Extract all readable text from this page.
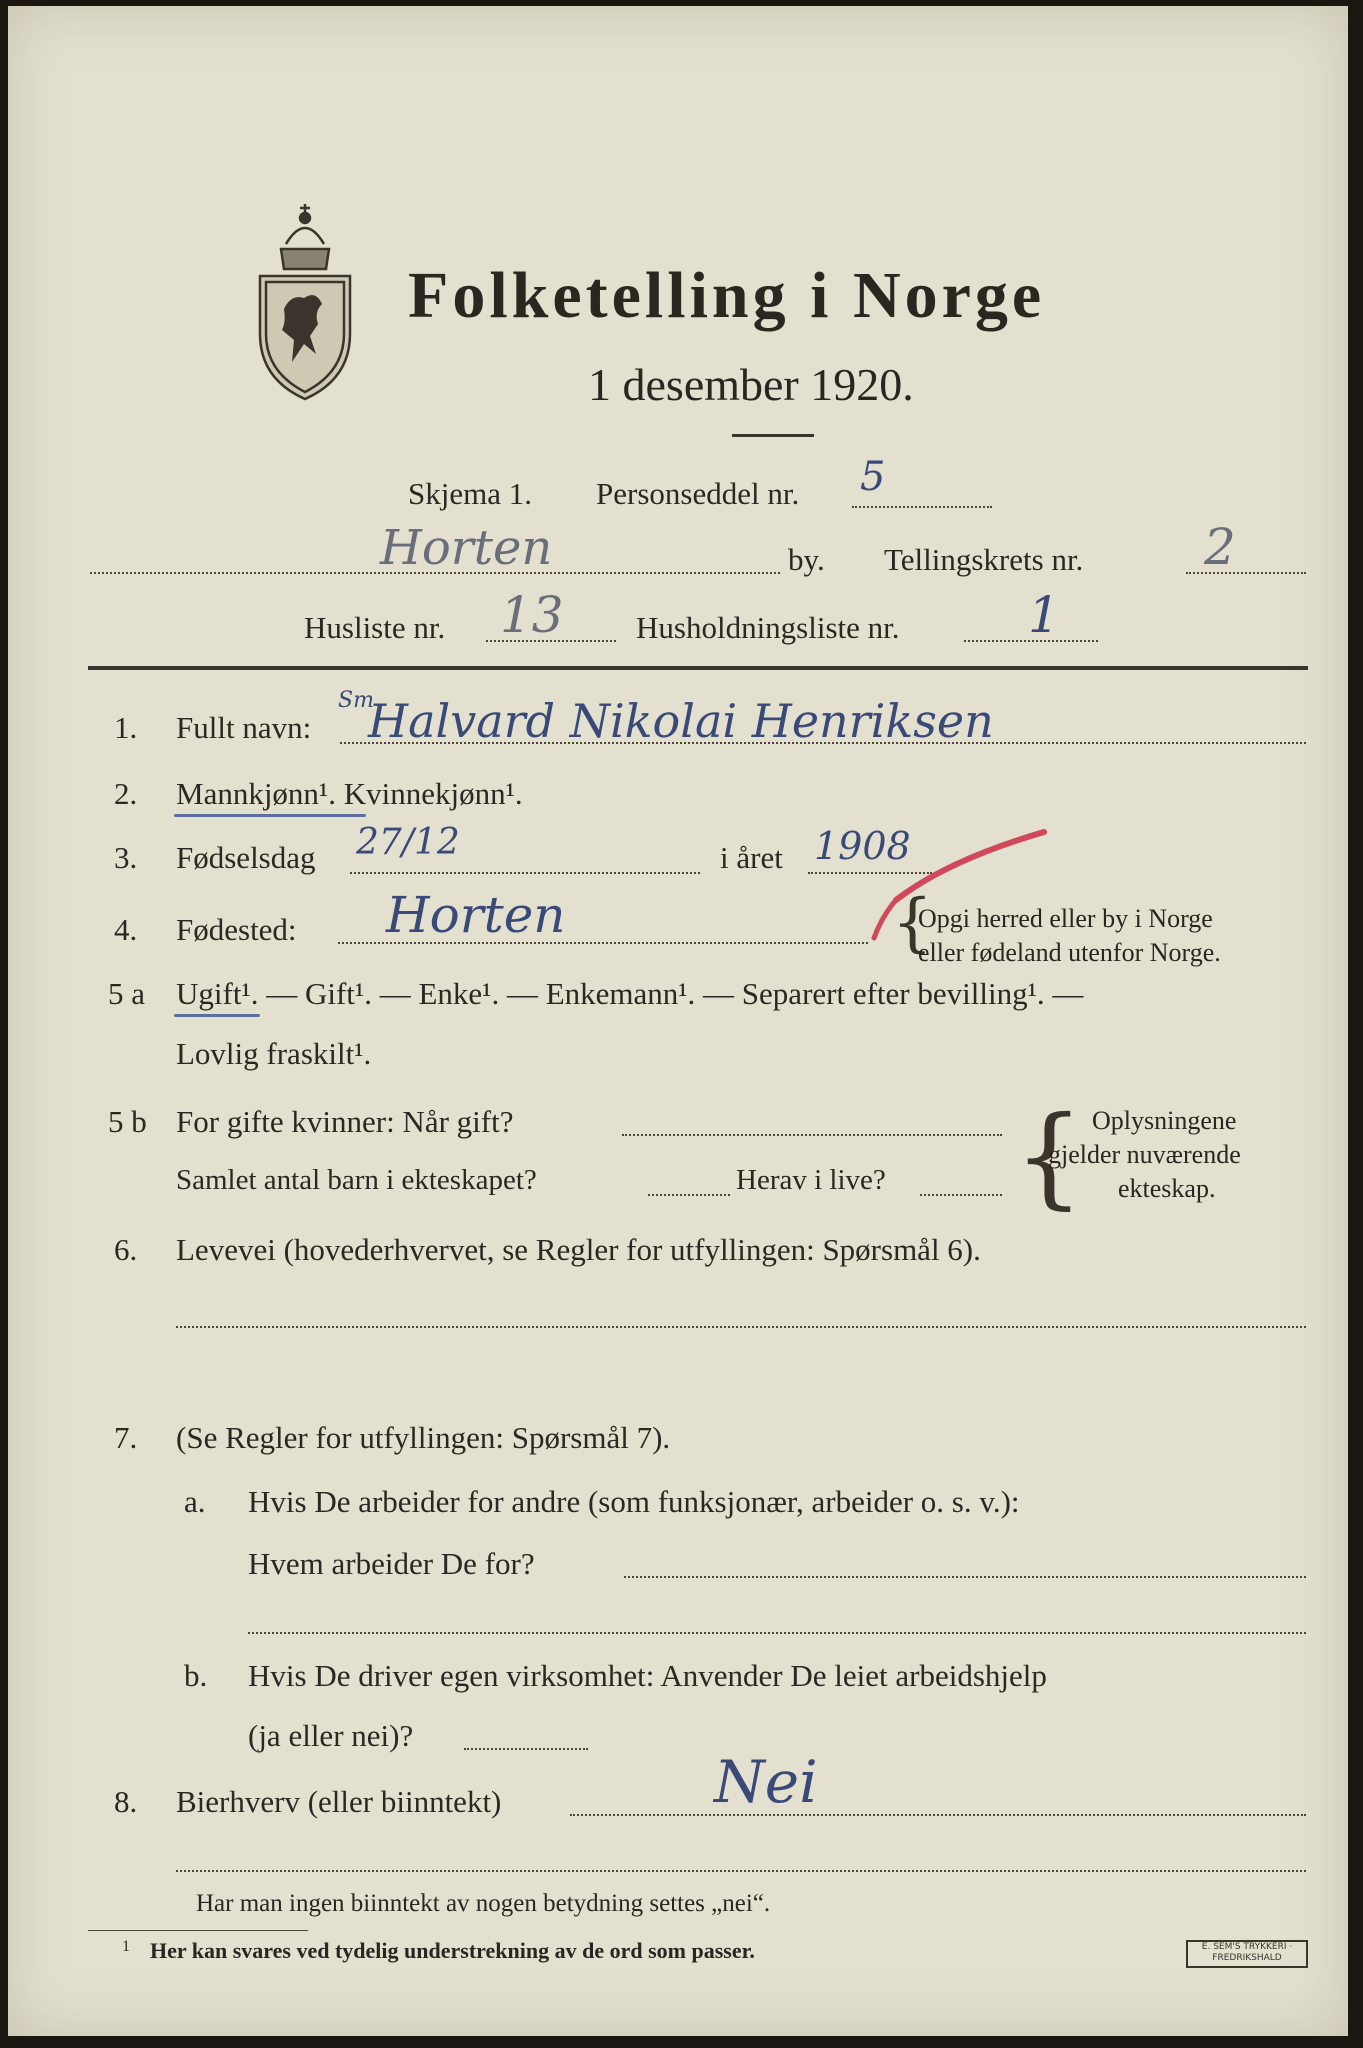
Folketelling i Norge
1 desember 1920.
Skjema 1. Personseddel nr. 5
Horten	by. Tellingskrets nr. 2
Husliste nr. 13 Husholdningsliste nr.	1
1. Fullt navn:
Sm
Halvard Nikolai Henriksen
2. Mannkjønn¹. Kvinnekjønn¹.
3. Fødselsdag 27/12	i året 1908
4. Fødested: Horten	{
Opgi herred eller by i Norge
eller fødeland utenfor Norge.
5 a Ugift¹. — Gift¹. — Enke¹. — Enkemann¹. — Separert efter bevilling¹. —
Lovlig fraskilt¹.
5 b For gifte kvinner: Når gift?
Samlet antal barn i ekteskapet?	Herav i live? { Oplysningene
gjelder nuværende
ekteskap.
6. Levevei (hovederhvervet, se Regler for utfyllingen: Spørsmål 6).
7. (Se Regler for utfyllingen: Spørsmål 7).
a. Hvis De arbeider for andre (som funksjonær, arbeider o. s. v.):
Hvem arbeider De for?
b. Hvis De driver egen virksomhet: Anvender De leiet arbeidshjelp
(ja eller nei)?
8. Bierhverv (eller biinntekt)	Nei
Har man ingen biinntekt av nogen betydning settes „nei“.
1 Her kan svares ved tydelig understrekning av de ord som passer.	E. SEM'S TRYKKERI · FREDRIKSHALD
